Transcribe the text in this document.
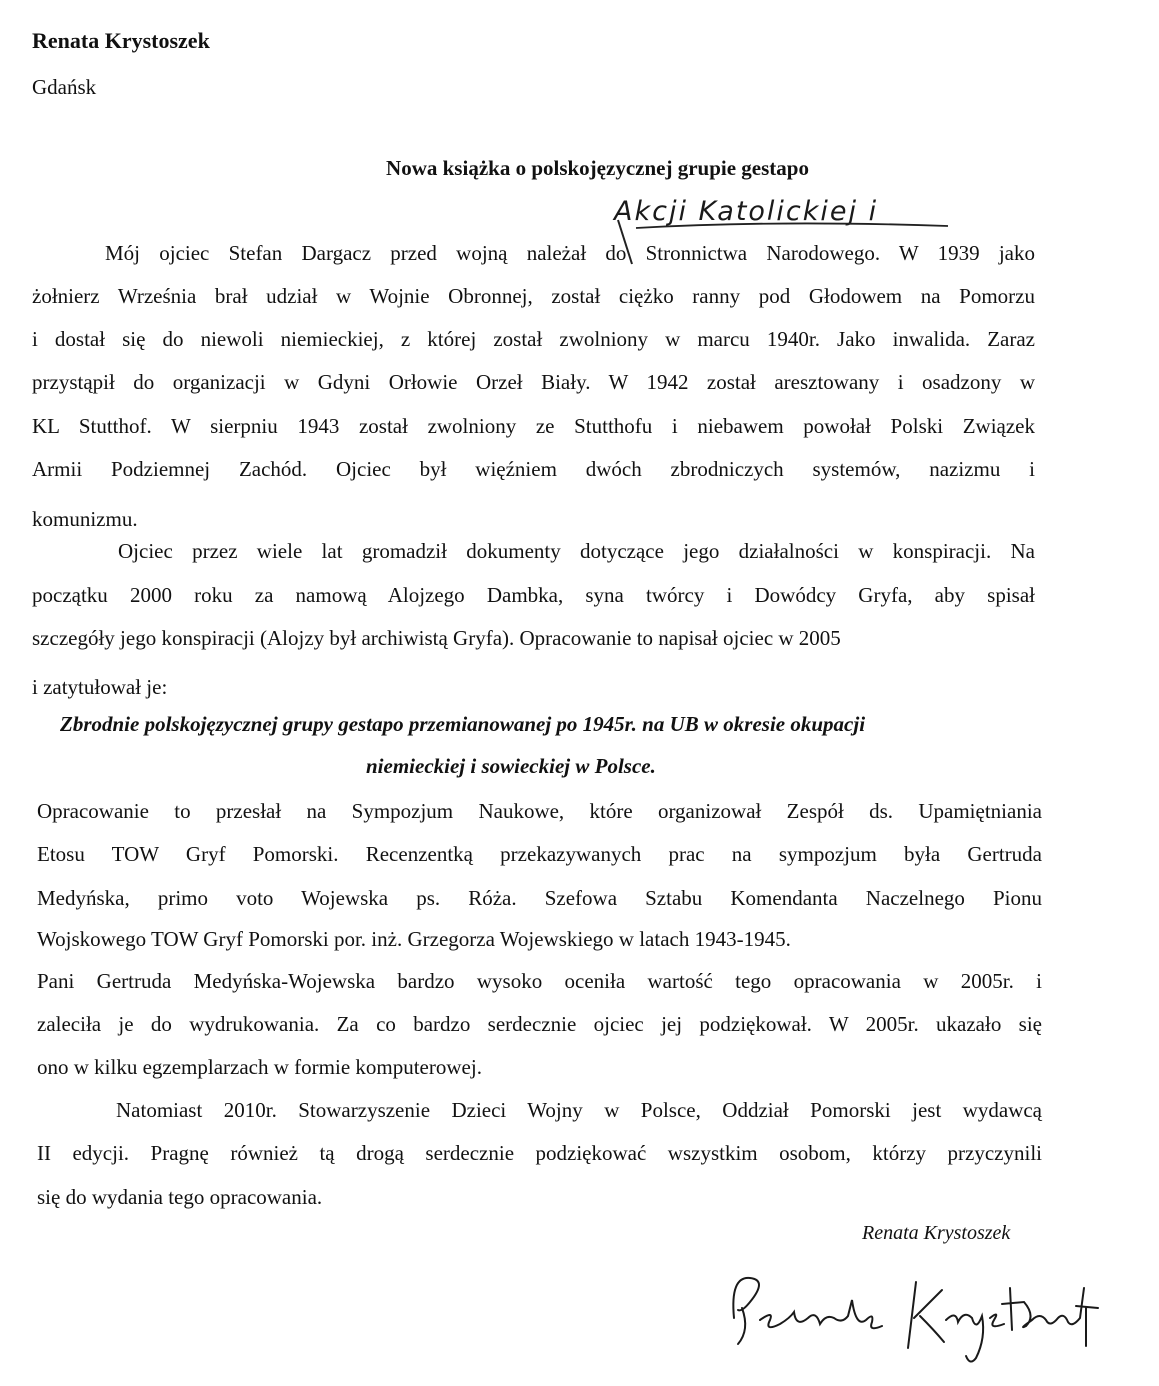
Renata Krystoszek
Gdańsk
Nowa książka o polskojęzycznej grupie gestapo
Akcji Katolickiej i
Mój ojciec Stefan Dargacz przed wojną należał do Stronnictwa Narodowego. W 1939 jako
żołnierz Września brał udział w Wojnie Obronnej, został ciężko ranny pod Głodowem na Pomorzu
i dostał się do niewoli niemieckiej, z której został zwolniony w marcu 1940r. Jako inwalida. Zaraz
przystąpił do organizacji w Gdyni Orłowie Orzeł Biały. W 1942 został aresztowany i osadzony w
KL Stutthof. W sierpniu 1943 został zwolniony ze Stutthofu i niebawem powołał Polski Związek
Armii Podziemnej Zachód. Ojciec był więźniem dwóch zbrodniczych systemów, nazizmu i
komunizmu.
Ojciec przez wiele lat gromadził dokumenty dotyczące jego działalności w konspiracji. Na
początku 2000 roku za namową Alojzego Dambka, syna twórcy i Dowódcy Gryfa, aby spisał
szczegóły jego konspiracji (Alojzy był archiwistą Gryfa). Opracowanie to napisał ojciec w 2005
i zatytułował je:
Zbrodnie polskojęzycznej grupy gestapo przemianowanej po 1945r. na UB w okresie okupacji
niemieckiej i sowieckiej w Polsce.
Opracowanie to przesłał na Sympozjum Naukowe, które organizował Zespół ds. Upamiętniania
Etosu TOW Gryf Pomorski. Recenzentką przekazywanych prac na sympozjum była Gertruda
Medyńska, primo voto Wojewska ps. Róża. Szefowa Sztabu Komendanta Naczelnego Pionu
Wojskowego TOW Gryf Pomorski por. inż. Grzegorza Wojewskiego w latach 1943-1945.
Pani Gertruda Medyńska-Wojewska bardzo wysoko oceniła wartość tego opracowania w 2005r. i
zaleciła je do wydrukowania. Za co bardzo serdecznie ojciec jej podziękował. W 2005r. ukazało się
ono w kilku egzemplarzach w formie komputerowej.
Natomiast 2010r. Stowarzyszenie Dzieci Wojny w Polsce, Oddział Pomorski jest wydawcą
II edycji. Pragnę również tą drogą serdecznie podziękować wszystkim osobom, którzy przyczynili
się do wydania tego opracowania.
Renata Krystoszek
